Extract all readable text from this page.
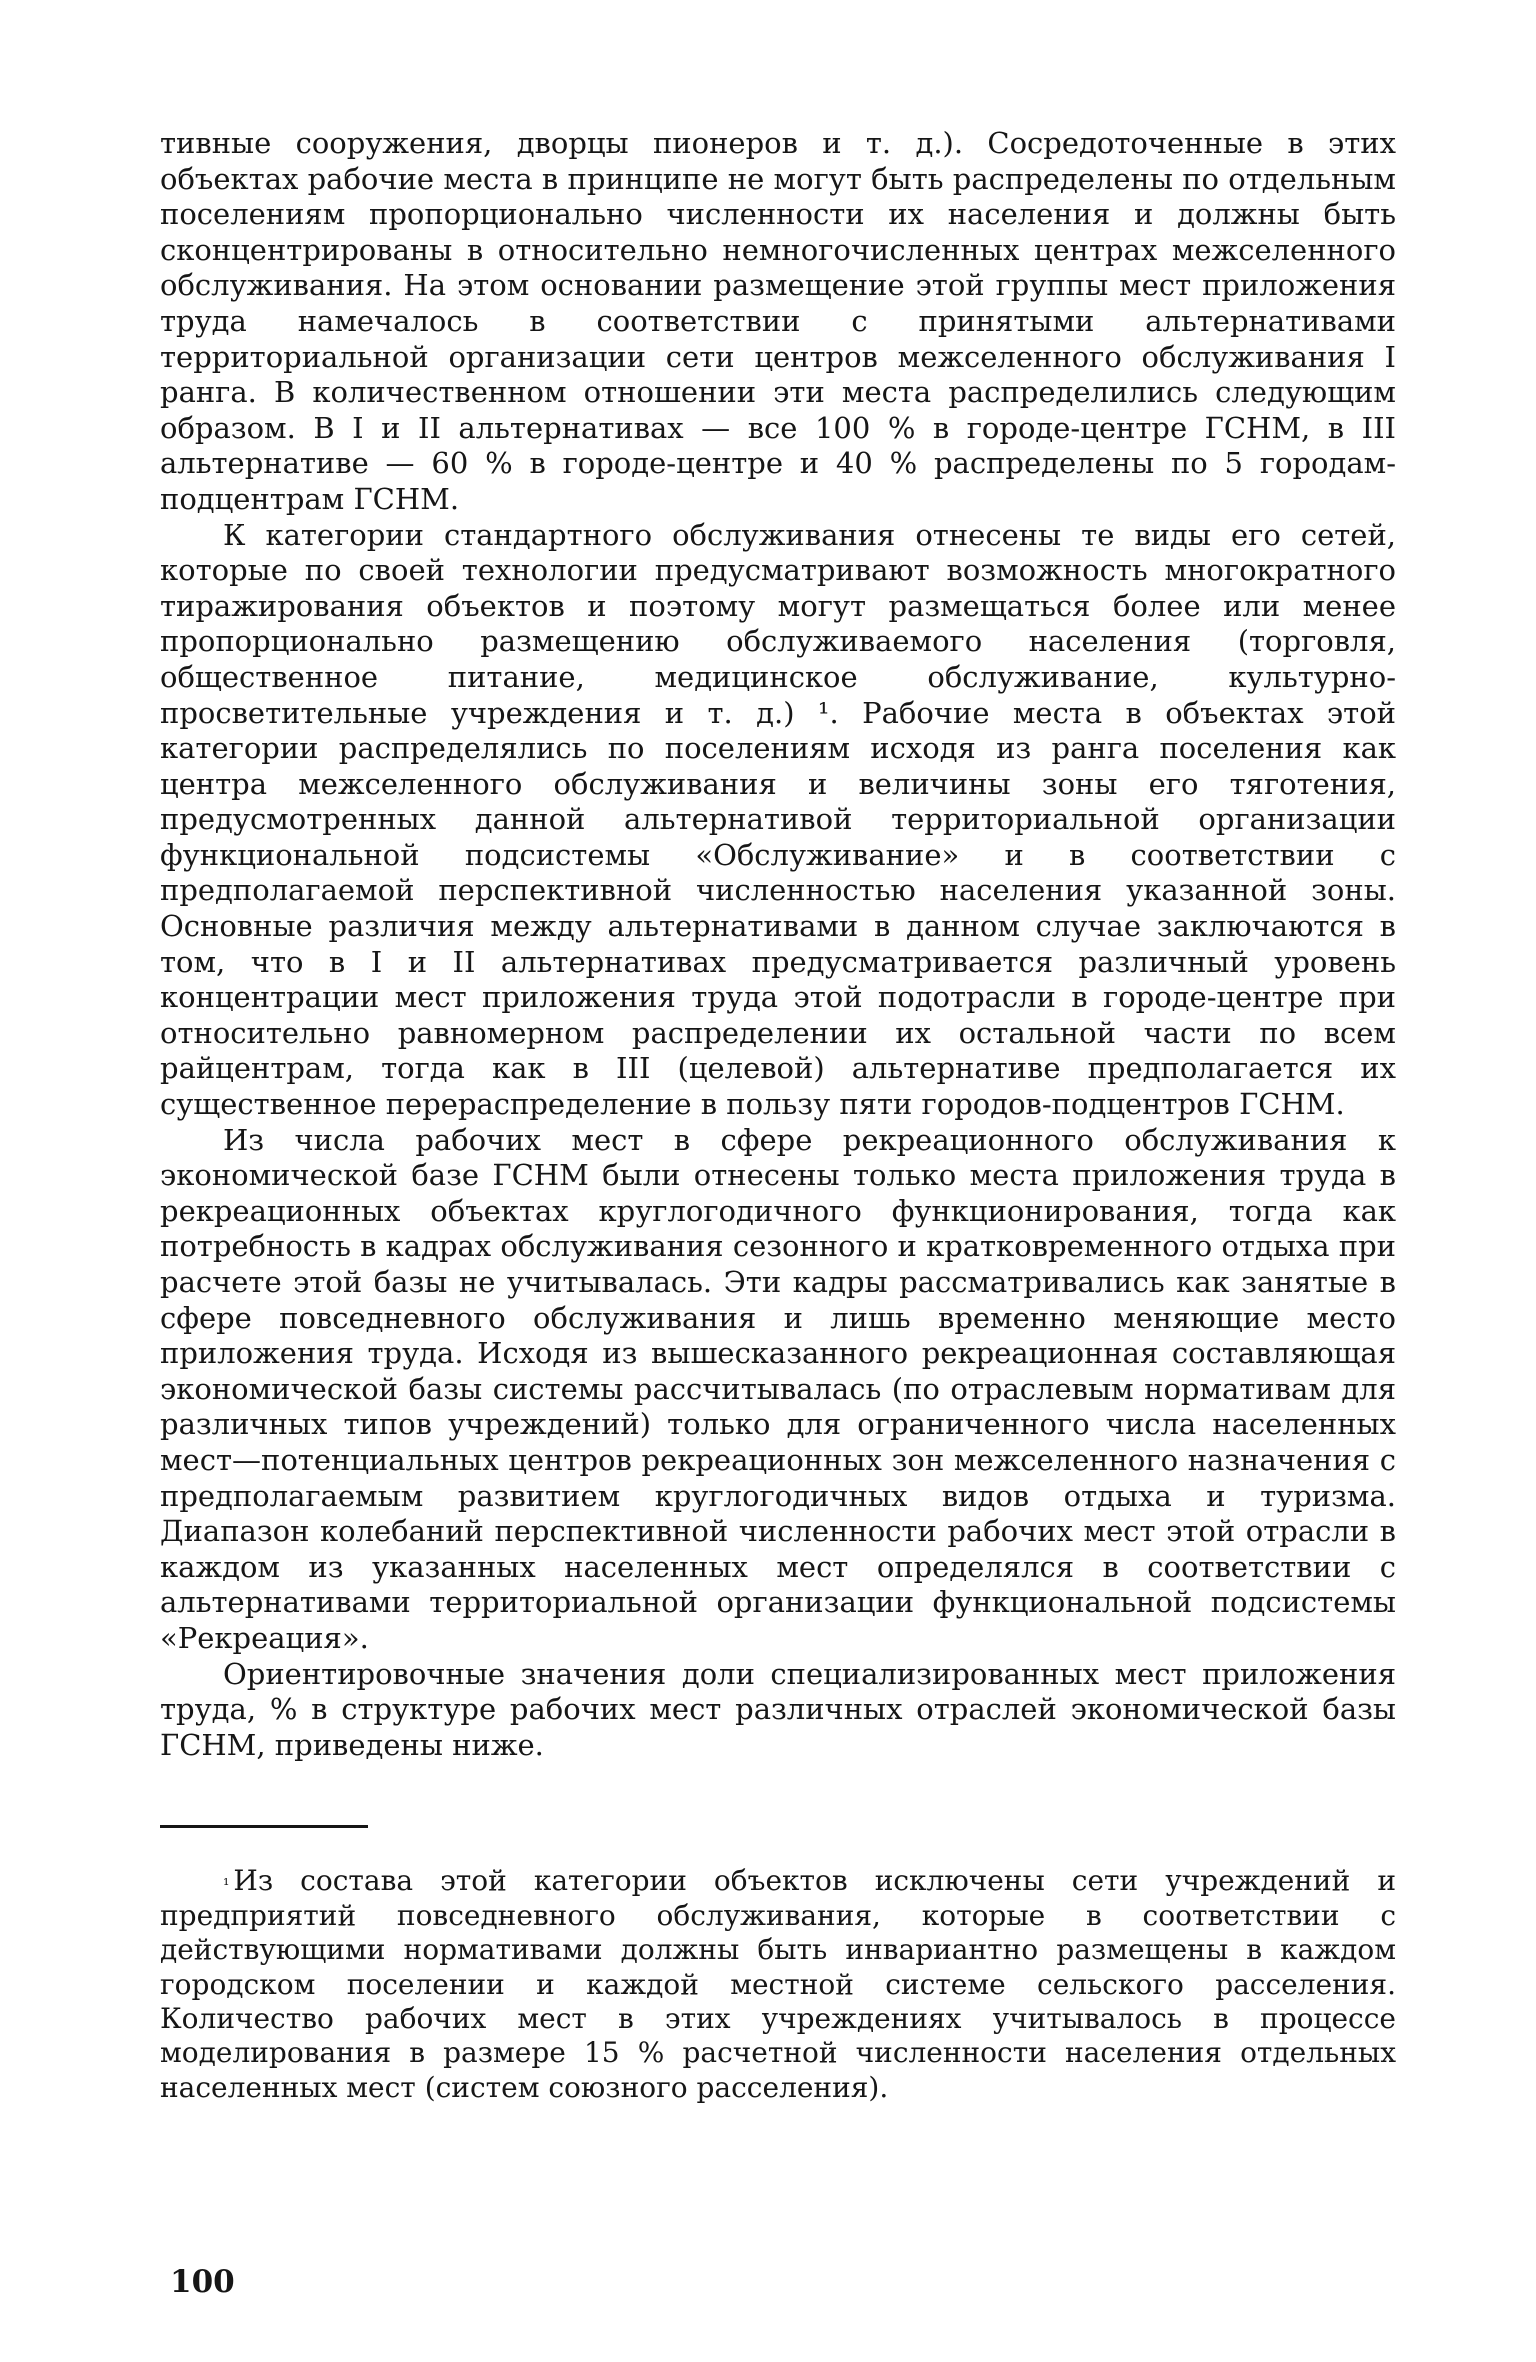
тивные сооружения, дворцы пионеров и т. д.). Сосредоточенные в этих объектах рабочие места в принципе не могут быть распределены по отдельным поселениям пропорционально численности их населения и должны быть сконцентрированы в относительно немногочисленных центрах межселенного обслуживания. На этом основании размещение этой группы мест приложения труда намечалось в соответствии с принятыми альтернативами территориальной организации сети центров межселенного обслуживания I ранга. В количественном отношении эти места распределились следующим образом. В I и II альтернативах — все 100 % в городе-центре ГСНМ, в III альтернативе — 60 % в городе-центре и 40 % распределены по 5 городам-подцентрам ГСНМ.

К категории стандартного обслуживания отнесены те виды его сетей, которые по своей технологии предусматривают возможность многократного тиражирования объектов и поэтому могут размещаться более или менее пропорционально размещению обслуживаемого населения (торговля, общественное питание, медицинское обслуживание, культурно-просветительные учреждения и т. д.) ¹. Рабочие места в объектах этой категории распределялись по поселениям исходя из ранга поселения как центра межселенного обслуживания и величины зоны его тяготения, предусмотренных данной альтернативой территориальной организации функциональной подсистемы «Обслуживание» и в соответствии с предполагаемой перспективной численностью населения указанной зоны. Основные различия между альтернативами в данном случае заключаются в том, что в I и II альтернативах предусматривается различный уровень концентрации мест приложения труда этой подотрасли в городе-центре при относительно равномерном распределении их остальной части по всем райцентрам, тогда как в III (целевой) альтернативе предполагается их существенное перераспределение в пользу пяти городов-подцентров ГСНМ.

Из числа рабочих мест в сфере рекреационного обслуживания к экономической базе ГСНМ были отнесены только места приложения труда в рекреационных объектах круглогодичного функционирования, тогда как потребность в кадрах обслуживания сезонного и кратковременного отдыха при расчете этой базы не учитывалась. Эти кадры рассматривались как занятые в сфере повседневного обслуживания и лишь временно меняющие место приложения труда. Исходя из вышесказанного рекреационная составляющая экономической базы системы рассчитывалась (по отраслевым нормативам для различных типов учреждений) только для ограниченного числа населенных мест—потенциальных центров рекреационных зон межселенного назначения с предполагаемым развитием круглогодичных видов отдыха и туризма. Диапазон колебаний перспективной численности рабочих мест этой отрасли в каждом из указанных населенных мест определялся в соответствии с альтернативами территориальной организации функциональной подсистемы «Рекреация».

Ориентировочные значения доли специализированных мест приложения труда, % в структуре рабочих мест различных отраслей экономической базы ГСНМ, приведены ниже.

$^{^1}$ Из состава этой категории объектов исключены сети учреждений и предприятий повседневного обслуживания, которые в соответствии с действующими нормативами должны быть инвариантно размещены в каждом городском поселении и каждой местной системе сельского расселения. Количество рабочих мест в этих учреждениях учитывалось в процессе моделирования в размере 15 % расчетной численности населения отдельных населенных мест (систем союзного расселения).

100
